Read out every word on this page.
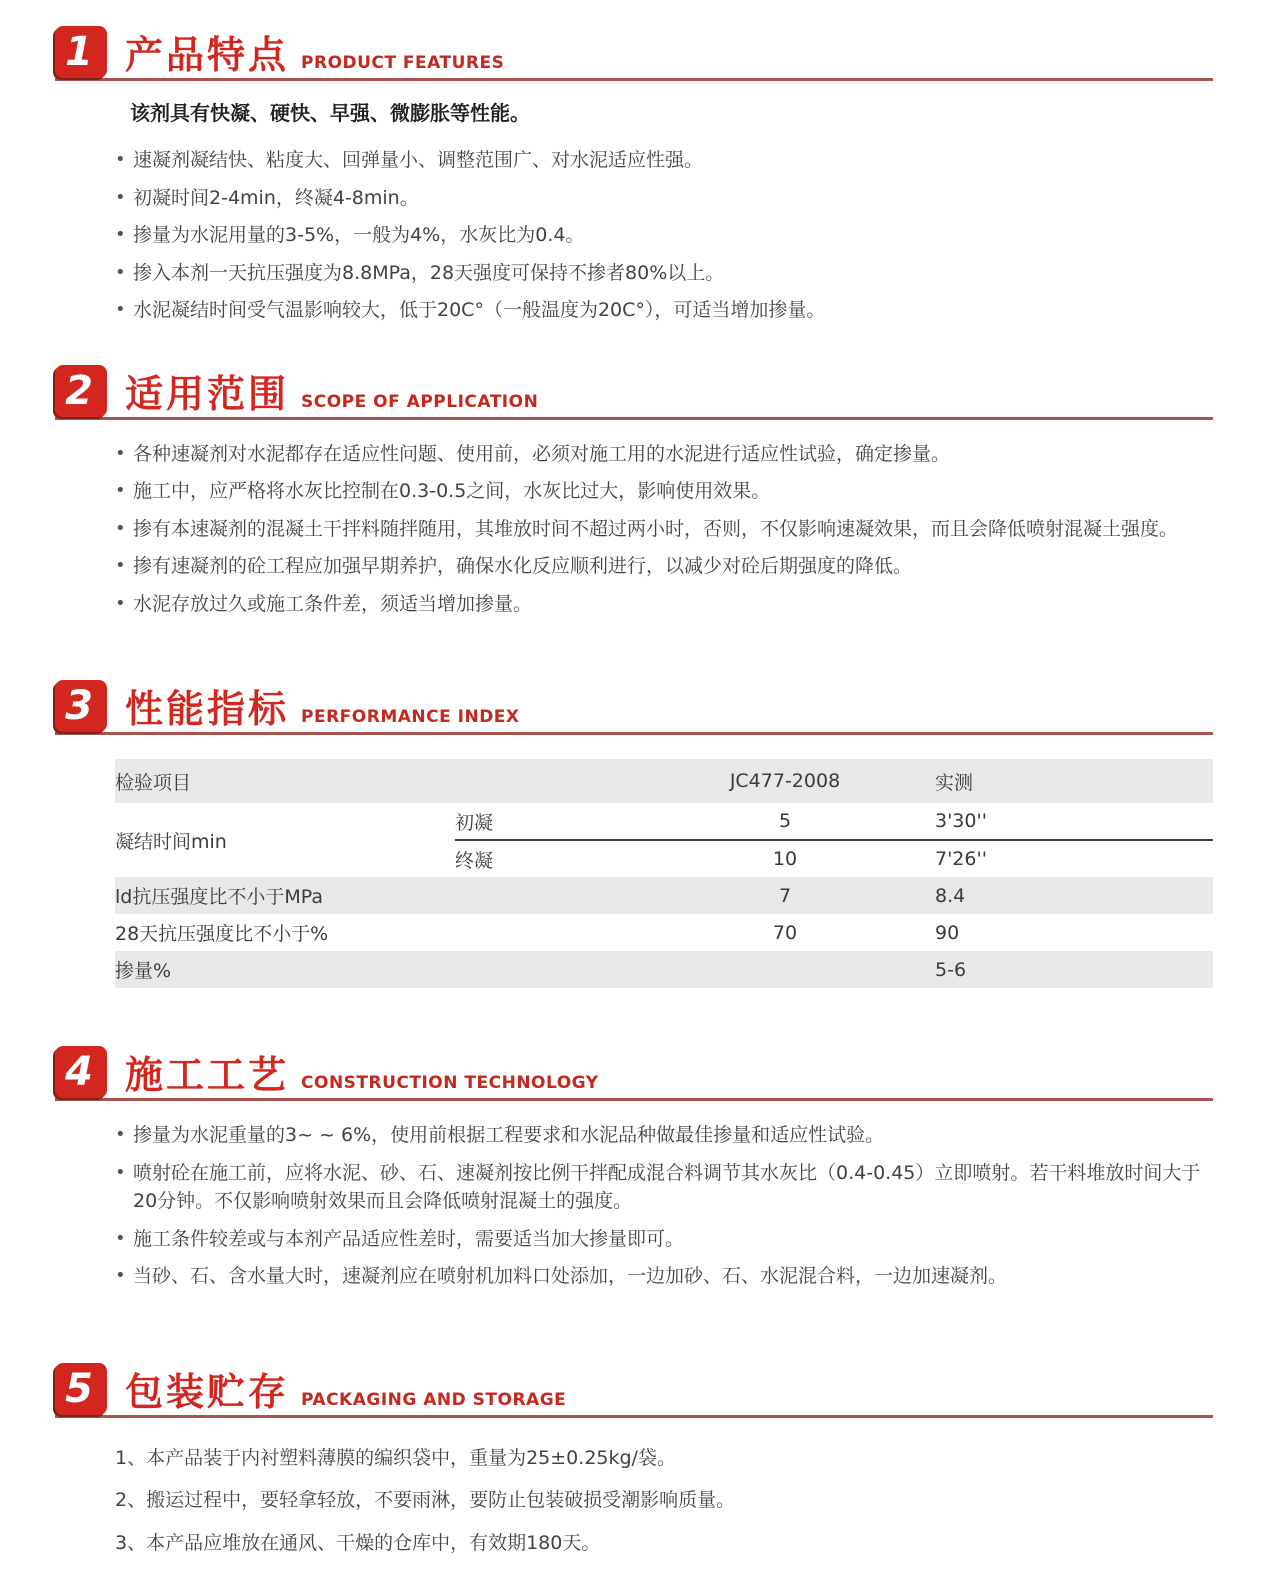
1 产品特点 PRODUCT FEATURES

该剂具有快凝、硬快、早强、微膨胀等性能。

• 速凝剂凝结快、粘度大、回弹量小、调整范围广、对水泥适应性强。
• 初凝时间2-4min，终凝4-8min。
• 掺量为水泥用量的3-5%，一般为4%，水灰比为0.4。
• 掺入本剂一天抗压强度为8.8MPa，28天强度可保持不掺者80%以上。
• 水泥凝结时间受气温影响较大，低于20C°（一般温度为20C°），可适当增加掺量。
2 适用范围 SCOPE OF APPLICATION
• 各种速凝剂对水泥都存在适应性问题、使用前，必须对施工用的水泥进行适应性试验，确定掺量。
• 施工中，应严格将水灰比控制在0.3-0.5之间，水灰比过大，影响使用效果。
• 掺有本速凝剂的混凝土干拌料随拌随用，其堆放时间不超过两小时，否则，不仅影响速凝效果，而且会降低喷射混凝土强度。
• 掺有速凝剂的砼工程应加强早期养护，确保水化反应顺利进行，以减少对砼后期强度的降低。
• 水泥存放过久或施工条件差，须适当增加掺量。
3 性能指标 PERFORMANCE INDEX
检验项目		JC477-2008	实测
凝结时间min	初凝	5	3'30''
	终凝	10	7'26''
ld抗压强度比不小于MPa		7	8.4
28天抗压强度比不小于%		70	90
掺量%			5-6
4 施工工艺 CONSTRUCTION TECHNOLOGY
• 掺量为水泥重量的3~ ~ 6%，使用前根据工程要求和水泥品种做最佳掺量和适应性试验。
• 喷射砼在施工前，应将水泥、砂、石、速凝剂按比例干拌配成混合料调节其水灰比（0.4-0.45）立即喷射。若干料堆放时间大于20分钟。不仅影响喷射效果而且会降低喷射混凝土的强度。
• 施工条件较差或与本剂产品适应性差时，需要适当加大掺量即可。
• 当砂、石、含水量大时，速凝剂应在喷射机加料口处添加，一边加砂、石、水泥混合料，一边加速凝剂。
5 包装贮存 PACKAGING AND STORAGE

1、本产品装于内衬塑料薄膜的编织袋中，重量为25±0.25kg/袋。

2、搬运过程中，要轻拿轻放，不要雨淋，要防止包装破损受潮影响质量。

3、本产品应堆放在通风、干燥的仓库中，有效期180天。
